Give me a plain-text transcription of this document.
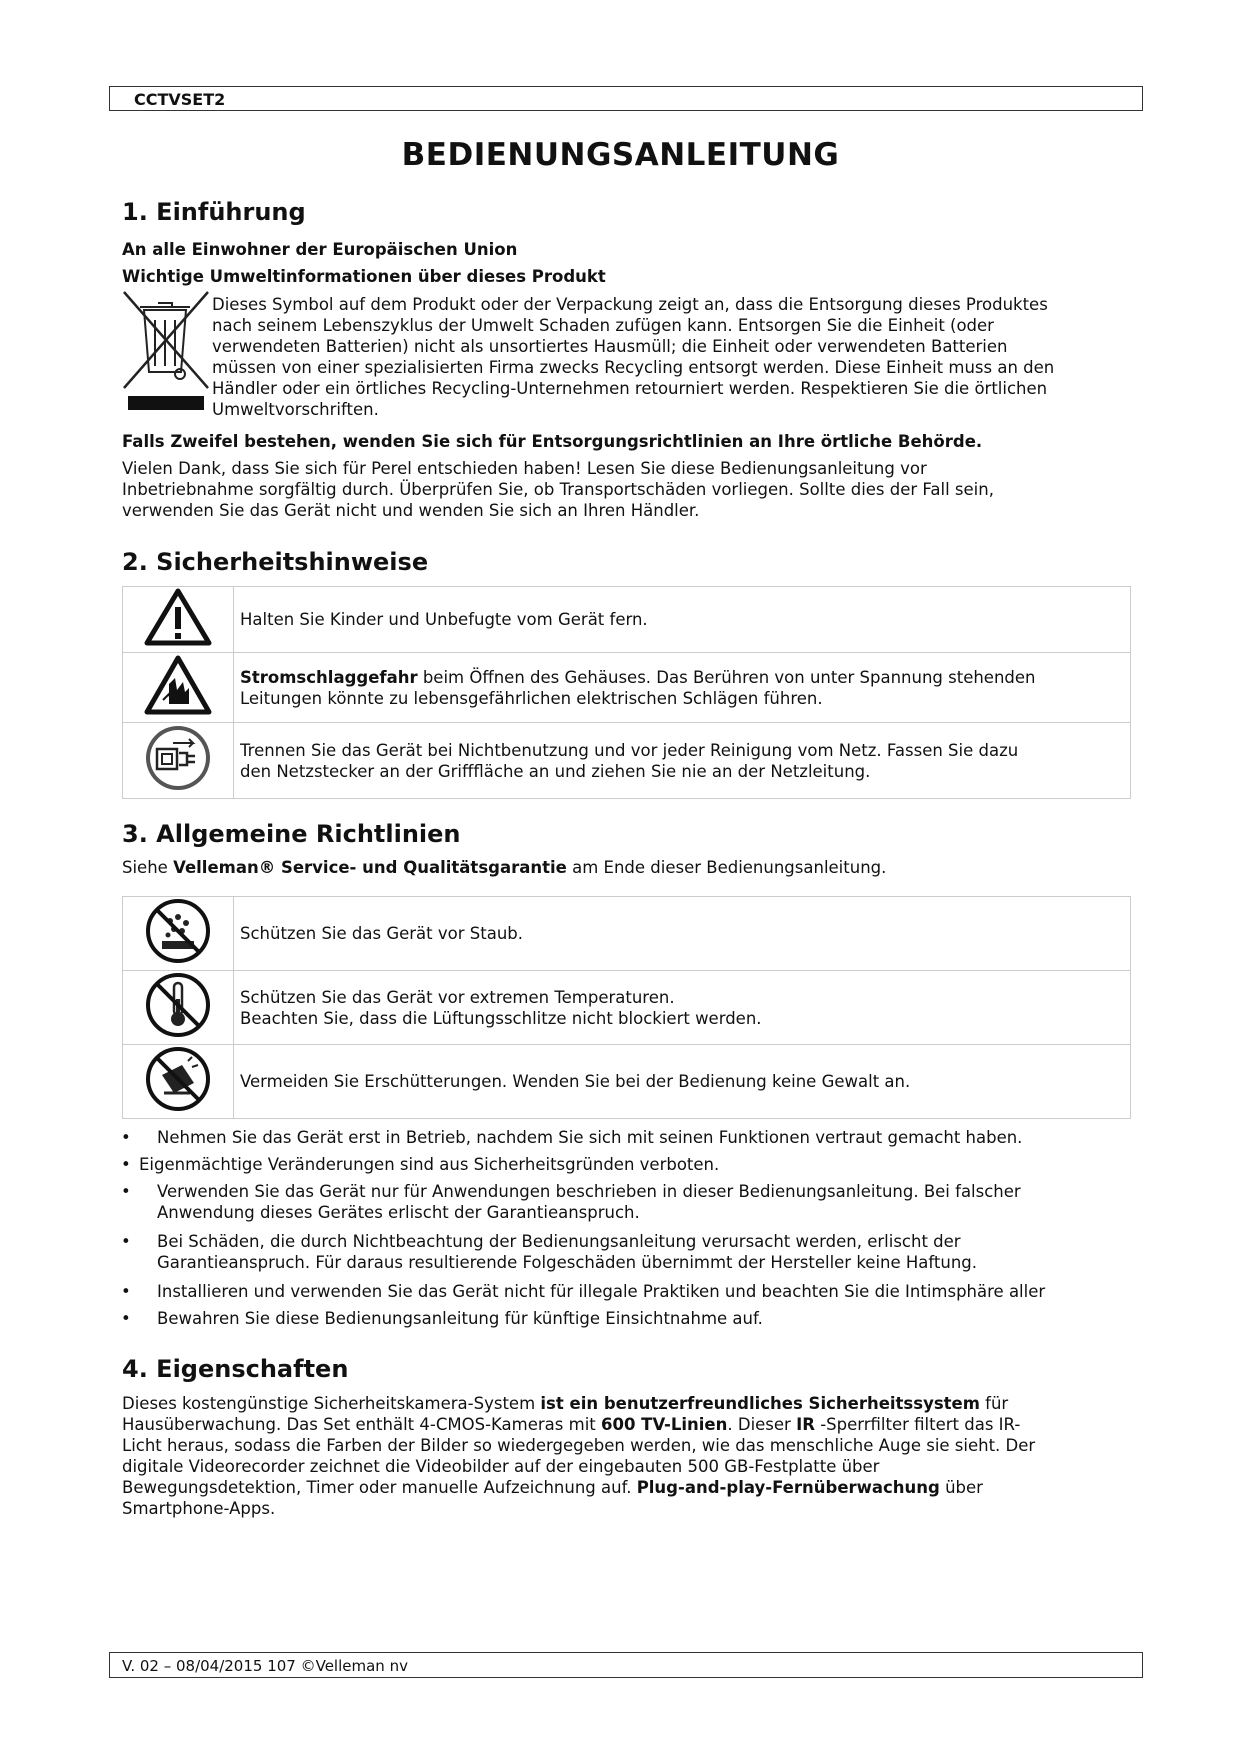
CCTVSET2
BEDIENUNGSANLEITUNG
1. Einführung
An alle Einwohner der Europäischen Union
Wichtige Umweltinformationen über dieses Produkt
Dieses Symbol auf dem Produkt oder der Verpackung zeigt an, dass die Entsorgung dieses Produktes
nach seinem Lebenszyklus der Umwelt Schaden zufügen kann. Entsorgen Sie die Einheit (oder
verwendeten Batterien) nicht als unsortiertes Hausmüll; die Einheit oder verwendeten Batterien
müssen von einer spezialisierten Firma zwecks Recycling entsorgt werden. Diese Einheit muss an den
Händler oder ein örtliches Recycling-Unternehmen retourniert werden. Respektieren Sie die örtlichen
Umweltvorschriften.
Falls Zweifel bestehen, wenden Sie sich für Entsorgungsrichtlinien an Ihre örtliche Behörde.
Vielen Dank, dass Sie sich für Perel entschieden haben! Lesen Sie diese Bedienungsanleitung vor
Inbetriebnahme sorgfältig durch. Überprüfen Sie, ob Transportschäden vorliegen. Sollte dies der Fall sein,
verwenden Sie das Gerät nicht und wenden Sie sich an Ihren Händler.
2. Sicherheitshinweise
	Halten Sie Kinder und Unbefugte vom Gerät fern.

Stromschlaggefahr beim Öffnen des Gehäuses. Das Berühren von unter Spannung stehenden
Leitungen könnte zu lebensgefährlichen elektrischen Schlägen führen.

Trennen Sie das Gerät bei Nichtbenutzung und vor jeder Reinigung vom Netz. Fassen Sie dazu
den Netzstecker an der Griffflächе an und ziehen Sie nie an der Netzleitung.
3. Allgemeine Richtlinien
Siehe Velleman® Service- und Qualitätsgarantie am Ende dieser Bedienungsanleitung.
	Schützen Sie das Gerät vor Staub.

Schützen Sie das Gerät vor extremen Temperaturen.
Beachten Sie, dass die Lüftungsschlitze nicht blockiert werden.

	Vermeiden Sie Erschütterungen. Wenden Sie bei der Bedienung keine Gewalt an.
• Nehmen Sie das Gerät erst in Betrieb, nachdem Sie sich mit seinen Funktionen vertraut gemacht haben.
• Eigenmächtige Veränderungen sind aus Sicherheitsgründen verboten.
• Verwenden Sie das Gerät nur für Anwendungen beschrieben in dieser Bedienungsanleitung. Bei falscher
Anwendung dieses Gerätes erlischt der Garantieanspruch.
• Bei Schäden, die durch Nichtbeachtung der Bedienungsanleitung verursacht werden, erlischt der
Garantieanspruch. Für daraus resultierende Folgeschäden übernimmt der Hersteller keine Haftung.
• Installieren und verwenden Sie das Gerät nicht für illegale Praktiken und beachten Sie die Intimsphäre aller
• Bewahren Sie diese Bedienungsanleitung für künftige Einsichtnahme auf.
4. Eigenschaften
Dieses kostengünstige Sicherheitskamera-System ist ein benutzerfreundliches Sicherheitssystem für
Hausüberwachung. Das Set enthält 4-CMOS-Kameras mit 600 TV-Linien. Dieser IR -Sperrfilter filtert das IR-
Licht heraus, sodass die Farben der Bilder so wiedergegeben werden, wie das menschliche Auge sie sieht. Der
digitale Videorecorder zeichnet die Videobilder auf der eingebauten 500 GB-Festplatte über
Bewegungsdetektion, Timer oder manuelle Aufzeichnung auf. Plug-and-play-Fernüberwachung über
Smartphone-Apps.
V. 02 – 08/04/2015 107 ©Velleman nv
